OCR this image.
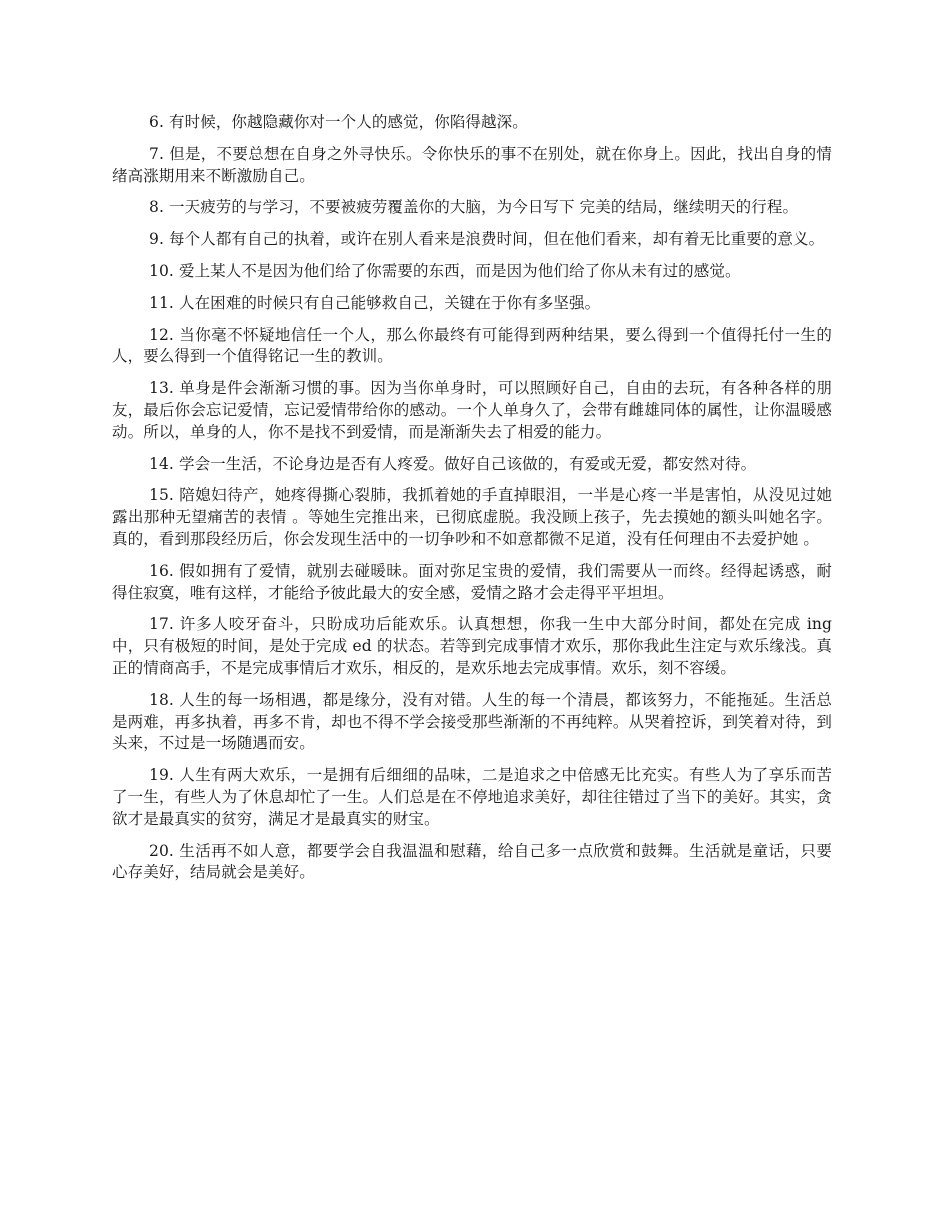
6. 有时候，你越隐藏你对一个人的感觉，你陷得越深。

7. 但是，不要总想在自身之外寻快乐。令你快乐的事不在别处，就在你身上。因此，找出自身的情绪高涨期用来不断激励自己。

8. 一天疲劳的与学习，不要被疲劳覆盖你的大脑，为今日写下 完美的结局，继续明天的行程。

9. 每个人都有自己的执着，或许在别人看来是浪费时间，但在他们看来，却有着无比重要的意义。

10. 爱上某人不是因为他们给了你需要的东西，而是因为他们给了你从未有过的感觉。

11. 人在困难的时候只有自己能够救自己，关键在于你有多坚强。

12. 当你毫不怀疑地信任一个人，那么你最终有可能得到两种结果，要么得到一个值得托付一生的人，要么得到一个值得铭记一生的教训。

13. 单身是件会渐渐习惯的事。因为当你单身时，可以照顾好自己，自由的去玩，有各种各样的朋友，最后你会忘记爱情，忘记爱情带给你的感动。一个人单身久了，会带有雌雄同体的属性，让你温暖感动。所以，单身的人，你不是找不到爱情，而是渐渐失去了相爱的能力。

14. 学会一生活，不论身边是否有人疼爱。做好自己该做的，有爱或无爱，都安然对待。

15. 陪媳妇待产，她疼得撕心裂肺，我抓着她的手直掉眼泪，一半是心疼一半是害怕，从没见过她露出那种无望痛苦的表情 。等她生完推出来，已彻底虚脱。我没顾上孩子，先去摸她的额头叫她名字。真的，看到那段经历后，你会发现生活中的一切争吵和不如意都微不足道，没有任何理由不去爱护她 。

16. 假如拥有了爱情，就别去碰暖昧。面对弥足宝贵的爱情，我们需要从一而终。经得起诱惑，耐得住寂寞，唯有这样，才能给予彼此最大的安全感，爱情之路才会走得平平坦坦。

17. 许多人咬牙奋斗，只盼成功后能欢乐。认真想想，你我一生中大部分时间，都处在完成 ing 中，只有极短的时间，是处于完成 ed 的状态。若等到完成事情才欢乐，那你我此生注定与欢乐缘浅。真正的情商高手，不是完成事情后才欢乐，相反的，是欢乐地去完成事情。欢乐，刻不容缓。

18. 人生的每一场相遇，都是缘分，没有对错。人生的每一个清晨，都该努力，不能拖延。生活总是两难，再多执着，再多不肯，却也不得不学会接受那些渐渐的不再纯粹。从哭着控诉，到笑着对待，到头来，不过是一场随遇而安。

19. 人生有两大欢乐，一是拥有后细细的品味，二是追求之中倍感无比充实。有些人为了享乐而苦了一生，有些人为了休息却忙了一生。人们总是在不停地追求美好，却往往错过了当下的美好。其实，贪欲才是最真实的贫穷，满足才是最真实的财宝。

20. 生活再不如人意，都要学会自我温温和慰藉，给自己多一点欣赏和鼓舞。生活就是童话，只要心存美好，结局就会是美好。
